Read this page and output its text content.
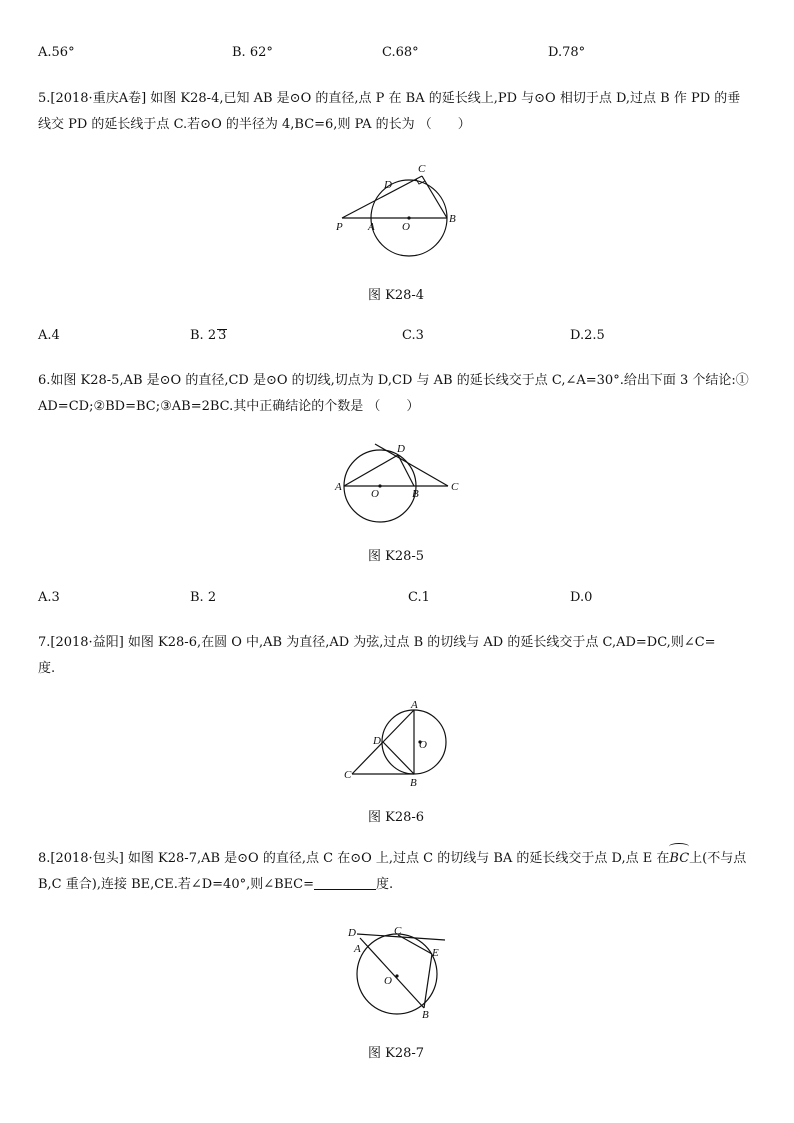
A.56°	B. 62°	C.68°	D.78°
5.[2018·重庆A卷] 如图 K28-4,已知 AB 是⊙O 的直径,点 P 在 BA 的延长线上,PD 与⊙O 相切于点 D,过点 B 作 PD 的垂
线交 PD 的延长线于点 C.若⊙O 的半径为 4,BC=6,则 PA 的长为 （　　）
C
D
P A O
B
图 K28-4
A.4	B. 2 3	C.3	D.2.5
6.如图 K28-5,AB 是⊙O 的直径,CD 是⊙O 的切线,切点为 D,CD 与 AB 的延长线交于点 C,∠A=30°.给出下面 3 个结论:①
AD=CD;②BD=BC;③AB=2BC.其中正确结论的个数是 （　　）
D
A
O	B
C
图 K28-5
A.3	B. 2	C.1	D.0
7.[2018·益阳] 如图 K28-6,在圆 O 中,AB 为直径,AD 为弦,过点 B 的切线与 AD 的延长线交于点 C,AD=DC,则∠C=
度.
A
D	O
C
B
图 K28-6
8.[2018·包头] 如图 K28-7,AB 是⊙O 的直径,点 C 在⊙O 上,过点 C 的切线与 BA 的延长线交于点 D,点 E 在BC上(不与点
B,C 重合),连接 BE,CE.若∠D=40°,则∠BEC=	度.
D	C
A	E
O
B
图 K28-7
